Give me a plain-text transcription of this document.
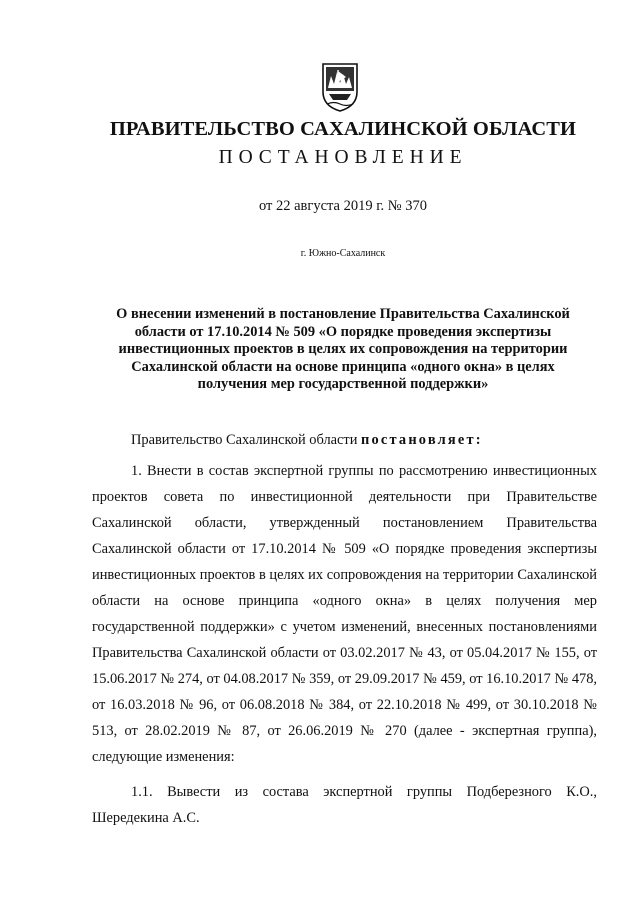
ПРАВИТЕЛЬСТВО САХАЛИНСКОЙ ОБЛАСТИ
ПОСТАНОВЛЕНИЕ
от 22 августа 2019 г. № 370
г. Южно-Сахалинск
О внесении изменений в постановление Правительства Сахалинской области от 17.10.2014 № 509 «О порядке проведения экспертизы инвестиционных проектов в целях их сопровождения на территории Сахалинской области на основе принципа «одного окна» в целях получения мер государственной поддержки»

Правительство Сахалинской области постановляет:

1. Внести в состав экспертной группы по рассмотрению инвестиционных проектов совета по инвестиционной деятельности при Правительстве Сахалинской области, утвержденный постановлением Правительства Сахалинской области от 17.10.2014 № 509 «О порядке проведения экспертизы инвестиционных проектов в целях их сопровождения на территории Сахалинской области на основе принципа «одного окна» в целях получения мер государственной поддержки» с учетом изменений, внесенных постановлениями Правительства Сахалинской области от 03.02.2017 № 43, от 05.04.2017 № 155, от 15.06.2017 № 274, от 04.08.2017 № 359, от 29.09.2017 № 459, от 16.10.2017 № 478, от 16.03.2018 № 96, от 06.08.2018 № 384, от 22.10.2018 № 499, от 30.10.2018 № 513, от 28.02.2019 № 87, от 26.06.2019 № 270 (далее - экспертная группа), следующие изменения:

1.1. Вывести из состава экспертной группы Подберезного К.О., Шередекина А.С.
